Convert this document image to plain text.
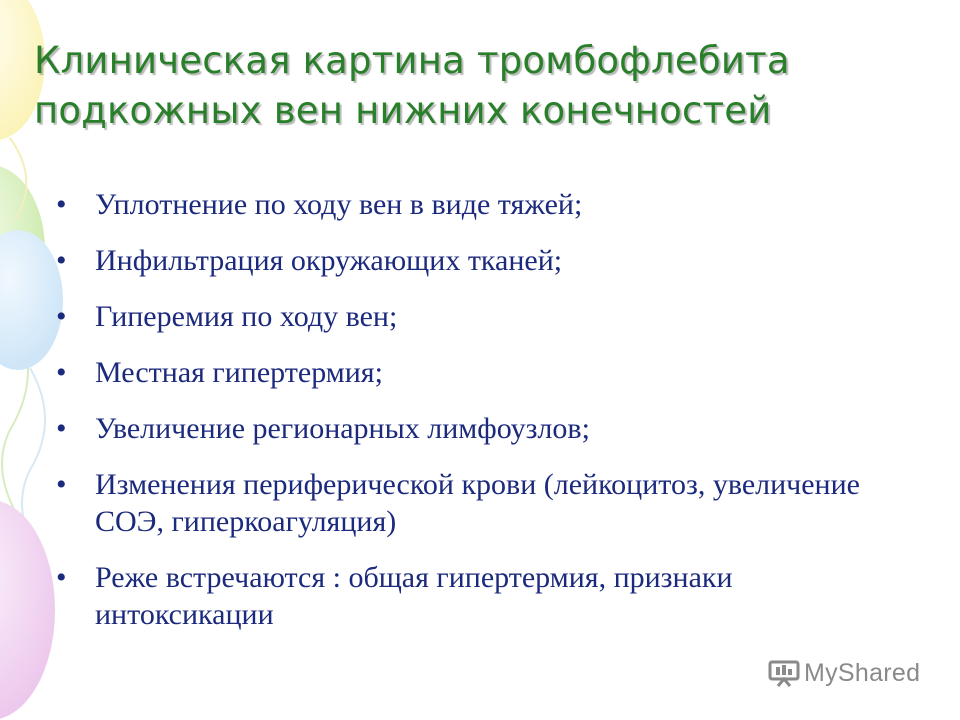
Клиническая картина тромбофлебита подкожных вен нижних конечностей
• Уплотнение по ходу вен в виде тяжей;
• Инфильтрация окружающих тканей;
• Гиперемия по ходу вен;
• Местная гипертермия;
• Увеличение регионарных лимфоузлов;
• Изменения периферической крови (лейкоцитоз, увеличение СОЭ, гиперкоагуляция)
• Реже встречаются : общая гипертермия, признаки интоксикации
MyShared
